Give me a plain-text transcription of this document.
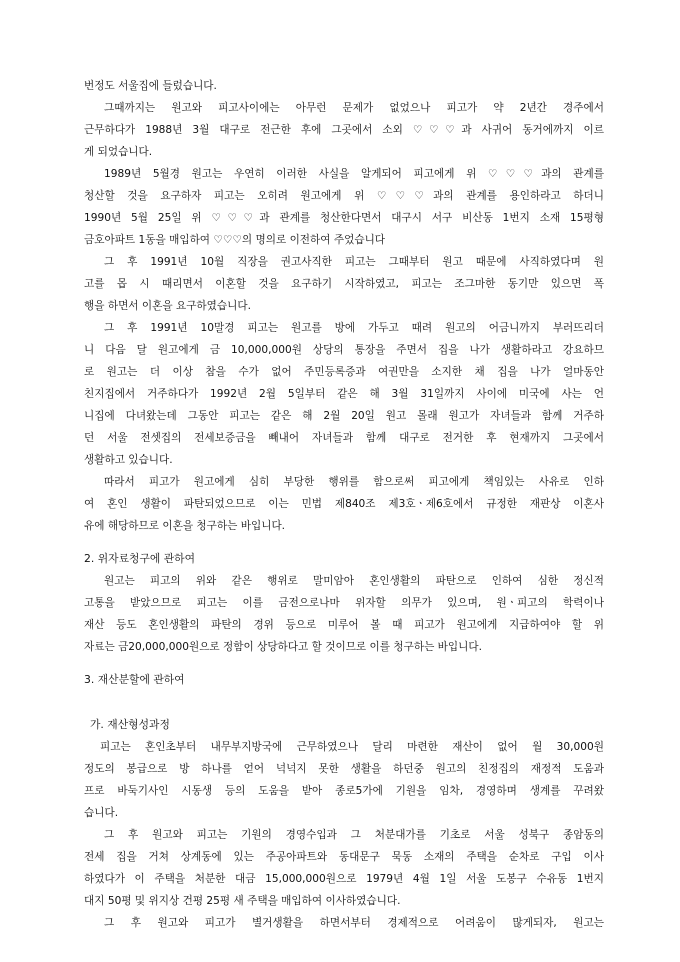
번정도 서울집에 들렀습니다.
그때까지는 원고와 피고사이에는 아무런 문제가 없었으나 피고가 약 2년간 경주에서
근무하다가 1988년 3월 대구로 전근한 후에 그곳에서 소외 ♡♡♡과 사귀어 동거에까지 이르
게 되었습니다.
1989년 5월경 원고는 우연히 이러한 사실을 알게되어 피고에게 위 ♡♡♡과의 관계를
청산할 것을 요구하자 피고는 오히려 원고에게 위 ♡♡♡과의 관계를 용인하라고 하더니
1990년 5월 25일 위 ♡♡♡과 관계를 청산한다면서 대구시 서구 비산동 1번지 소재 15평형
금호아파트 1동을 매입하여 ♡♡♡의 명의로 이전하여 주었습니다
그 후 1991년 10월 직장을 권고사직한 피고는 그때부터 원고 때문에 사직하였다며 원
고를 몹 시 때리면서 이혼할 것을 요구하기 시작하였고, 피고는 조그마한 동기만 있으면 폭
행을 하면서 이혼을 요구하였습니다.
그 후 1991년 10말경 피고는 원고를 방에 가두고 때려 원고의 어금니까지 부러뜨리더
니 다음 달 원고에게 금 10,000,000원 상당의 통장을 주면서 집을 나가 생활하라고 강요하므
로 원고는 더 이상 참을 수가 없어 주민등록증과 여권만을 소지한 채 집을 나가 얼마동안
친지집에서 거주하다가 1992년 2월 5일부터 같은 해 3월 31일까지 사이에 미국에 사는 언
니집에 다녀왔는데 그동안 피고는 같은 해 2월 20일 원고 몰래 원고가 자녀들과 함께 거주하
던 서울 전셋집의 전세보증금을 빼내어 자녀들과 함께 대구로 전거한 후 현재까지 그곳에서
생활하고 있습니다.
따라서 피고가 원고에게 심히 부당한 행위를 함으로써 피고에게 책임있는 사유로 인하
여 혼인 생활이 파탄되었으므로 이는 민법 제840조 제3호ㆍ제6호에서 규정한 재판상 이혼사
유에 해당하므로 이혼을 청구하는 바입니다.
2. 위자료청구에 관하여
원고는 피고의 위와 같은 행위로 말미암아 혼인생활의 파탄으로 인하여 심한 정신적
고통을 받았으므로 피고는 이를 금전으로나마 위자할 의무가 있으며, 원ㆍ피고의 학력이나
재산 등도 혼인생활의 파탄의 경위 등으로 미루어 볼 때 피고가 원고에게 지급하여야 할 위
자료는 금20,000,000원으로 정함이 상당하다고 할 것이므로 이를 청구하는 바입니다.
3. 재산분할에 관하여
가. 재산형성과정
피고는 혼인초부터 내무부지방국에 근무하였으나 달리 마련한 재산이 없어 월 30,000원
정도의 봉급으로 방 하나를 얻어 넉넉지 못한 생활을 하던중 원고의 친정집의 재정적 도움과
프로 바둑기사인 시동생 등의 도움을 받아 종로5가에 기원을 임차, 경영하며 생계를 꾸려왔
습니다.
그 후 원고와 피고는 기원의 경영수입과 그 처분대가를 기초로 서울 성북구 종암동의
전세 집을 거쳐 상계동에 있는 주공아파트와 동대문구 묵동 소재의 주택을 순차로 구입 이사
하였다가 이 주택을 처분한 대금 15,000,000원으로 1979년 4월 1일 서울 도봉구 수유동 1번지
대지 50평 및 위지상 건평 25평 새 주택을 매입하여 이사하였습니다.
그 후 원고와 피고가 별거생활을 하면서부터 경제적으로 어려움이 많게되자, 원고는
